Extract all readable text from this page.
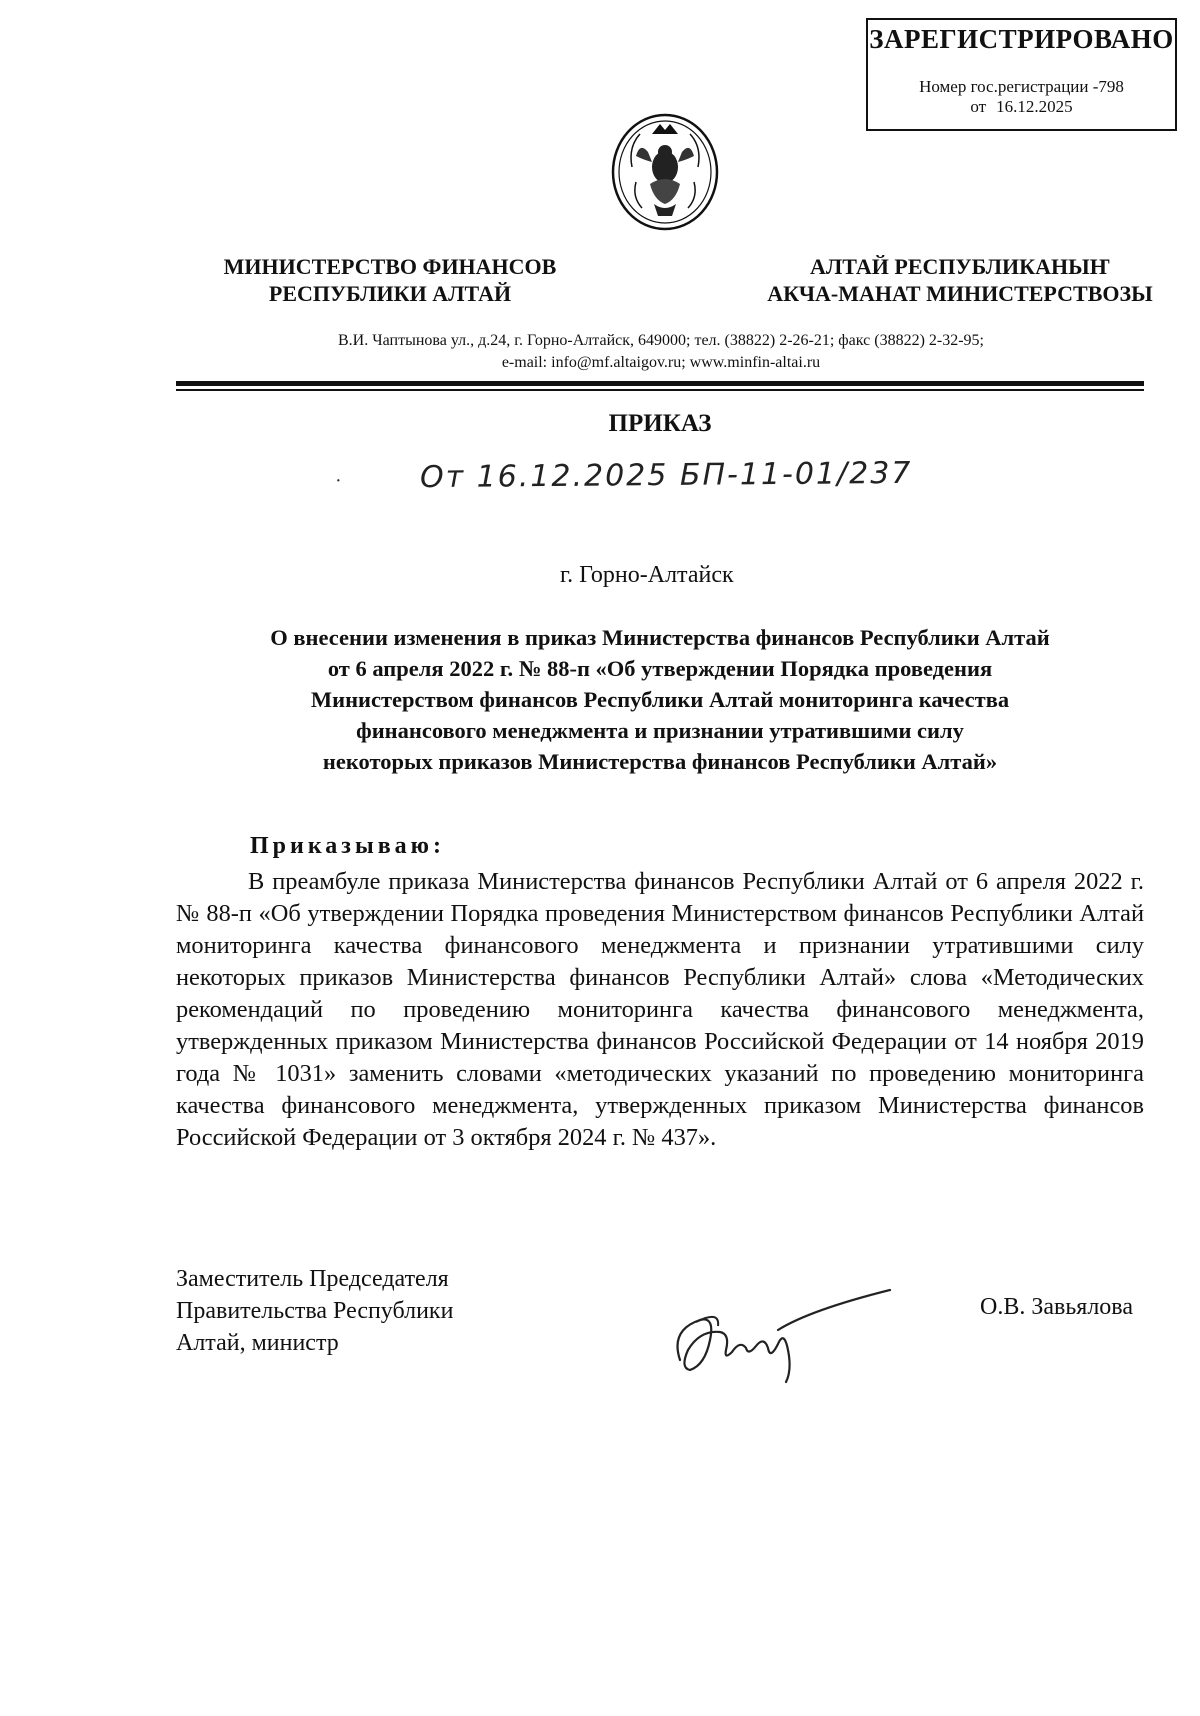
ЗАРЕГИСТРИРОВАНО
Номер гос.регистрации -798
от 16.12.2025
МИНИСТЕРСТВО ФИНАНСОВ
РЕСПУБЛИКИ АЛТАЙ
АЛТАЙ РЕСПУБЛИКАНЫҤ
АКЧА-МАНАТ МИНИСТЕРСТВОЗЫ
В.И. Чаптынова ул., д.24, г. Горно-Алтайск, 649000; тел. (38822) 2-26-21; факс (38822) 2-32-95;
e-mail: info@mf.altaigov.ru; www.minfin-altai.ru
ПРИКАЗ
·	От 16.12.2025 БП-11-01/237
г. Горно-Алтайск
О внесении изменения в приказ Министерства финансов Республики Алтай
от 6 апреля 2022 г. № 88-п «Об утверждении Порядка проведения
Министерством финансов Республики Алтай мониторинга качества
финансового менеджмента и признании утратившими силу
некоторых приказов Министерства финансов Республики Алтай»
Приказываю:
В преамбуле приказа Министерства финансов Республики Алтай от 6 апреля 2022 г. № 88-п «Об утверждении Порядка проведения Министерством финансов Республики Алтай мониторинга качества финансового менеджмента и признании утратившими силу некоторых приказов Министерства финансов Республики Алтай» слова «Методических рекомендаций по проведению мониторинга качества финансового менеджмента, утвержденных приказом Министерства финансов Российской Федерации от 14 ноября 2019 года № 1031» заменить словами «методических указаний по проведению мониторинга качества финансового менеджмента, утвержденных приказом Министерства финансов Российской Федерации от 3 октября 2024 г. № 437».
Заместитель Председателя
Правительства Республики
Алтай, министр
О.В. Завьялова
